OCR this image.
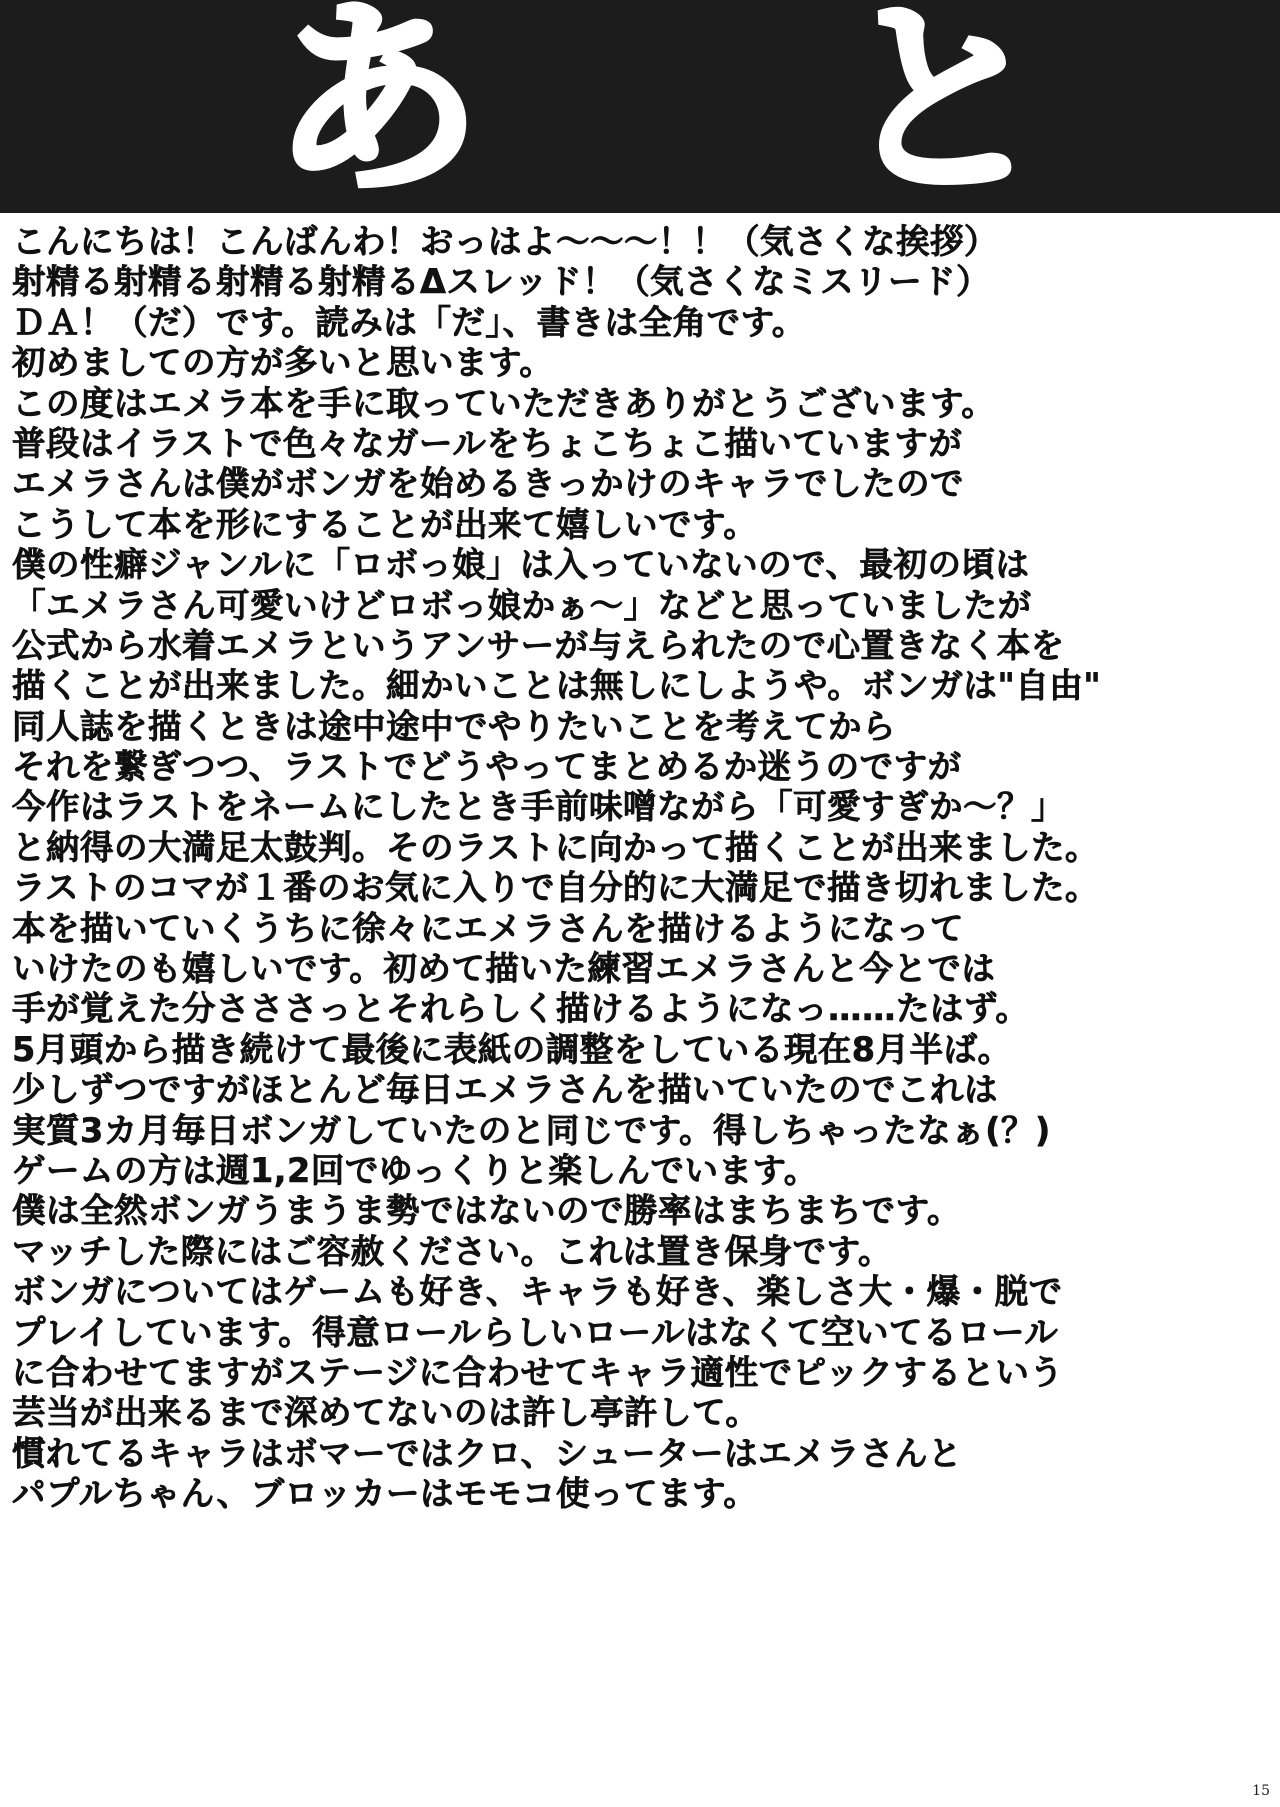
あ と
こんにちは！こんばんわ！おっはよ〜〜〜！！（気さくな挨拶）
射精る射精る射精る射精るΔスレッド！（気さくなミスリード）
ＤＡ！（だ）です。読みは「だ」、書きは全角です。
初めましての方が多いと思います。
この度はエメラ本を手に取っていただきありがとうございます。
普段はイラストで色々なガールをちょこちょこ描いていますが
エメラさんは僕がボンガを始めるきっかけのキャラでしたので
こうして本を形にすることが出来て嬉しいです。
僕の性癖ジャンルに「ロボっ娘」は入っていないので、最初の頃は
「エメラさん可愛いけどロボっ娘かぁ〜」などと思っていましたが
公式から水着エメラというアンサーが与えられたので心置きなく本を
描くことが出来ました。細かいことは無しにしようや。ボンガは"自由"
同人誌を描くときは途中途中でやりたいことを考えてから
それを繋ぎつつ、ラストでどうやってまとめるか迷うのですが
今作はラストをネームにしたとき手前味噌ながら「可愛すぎか〜？」
と納得の大満足太鼓判。そのラストに向かって描くことが出来ました。
ラストのコマが１番のお気に入りで自分的に大満足で描き切れました。
本を描いていくうちに徐々にエメラさんを描けるようになって
いけたのも嬉しいです。初めて描いた練習エメラさんと今とでは
手が覚えた分さささっとそれらしく描けるようになっ……たはず。
5月頭から描き続けて最後に表紙の調整をしている現在8月半ば。
少しずつですがほとんど毎日エメラさんを描いていたのでこれは
実質3カ月毎日ボンガしていたのと同じです。得しちゃったなぁ(？)
ゲームの方は週1,2回でゆっくりと楽しんでいます。
僕は全然ボンガうまうま勢ではないので勝率はまちまちです。
マッチした際にはご容赦ください。これは置き保身です。
ボンガについてはゲームも好き、キャラも好き、楽しさ大・爆・脱で
プレイしています。得意ロールらしいロールはなくて空いてるロール
に合わせてますがステージに合わせてキャラ適性でピックするという
芸当が出来るまで深めてないのは許し亭許して。
慣れてるキャラはボマーではクロ、シューターはエメラさんと
パプルちゃん、ブロッカーはモモコ使ってます。
15
